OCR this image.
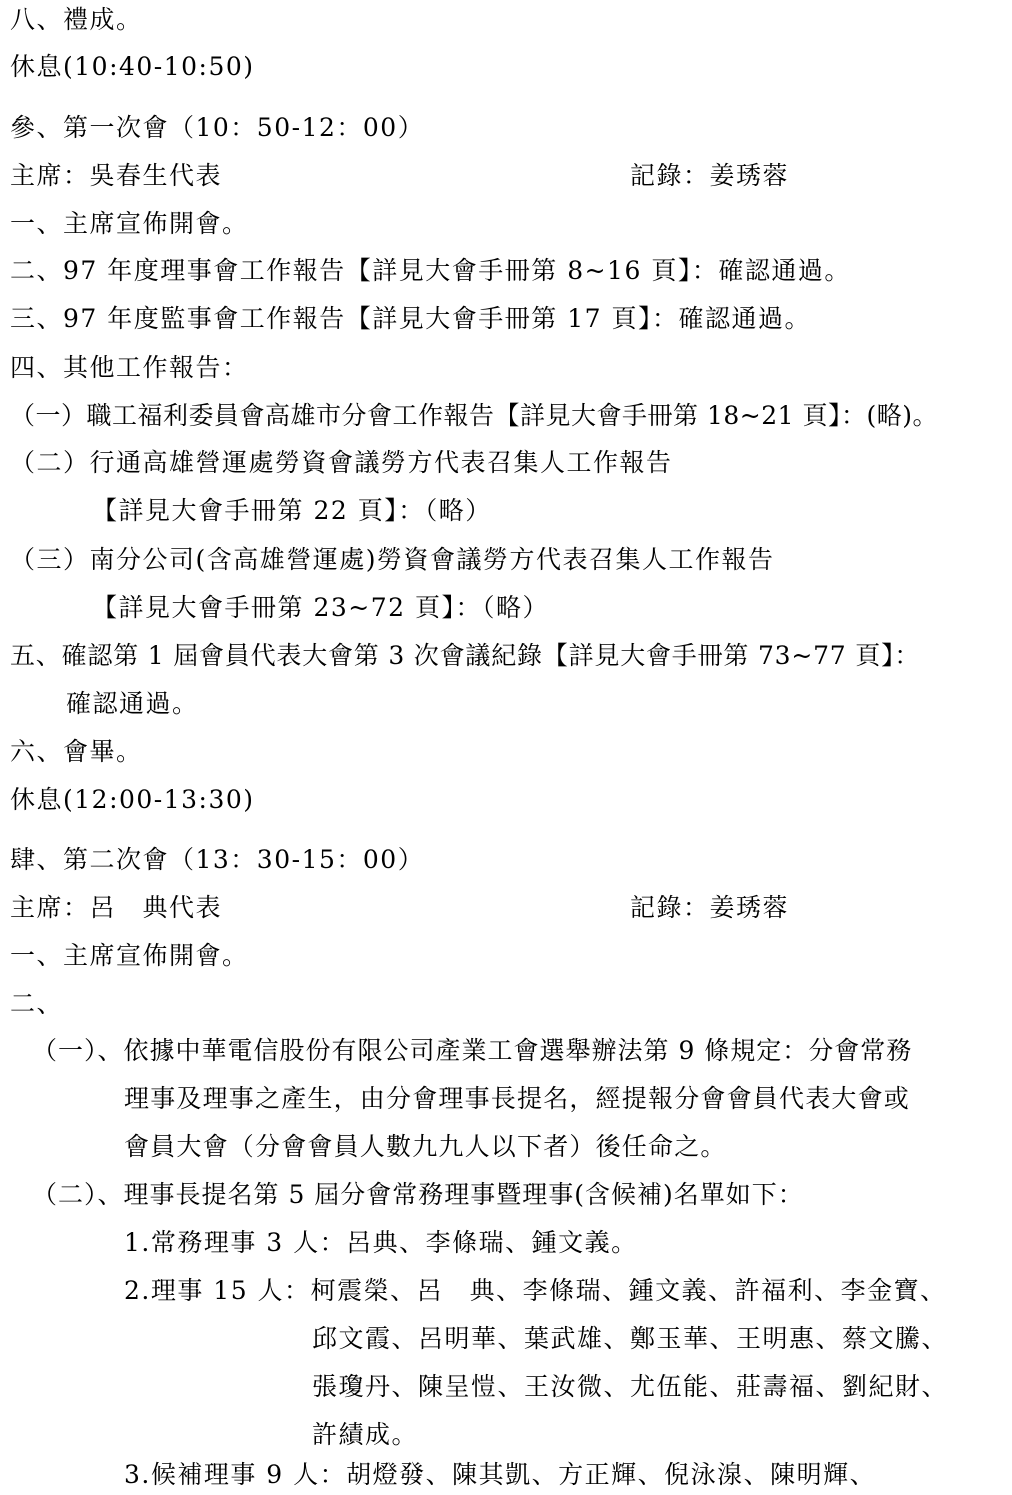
八、禮成。
休息(10:40-10:50)
參、第一次會（10：50-12：00）
主席：吳春生代表	記錄：姜琇蓉
一、主席宣佈開會。
二、97 年度理事會工作報告【詳見大會手冊第 8~16 頁】：確認通過。
三、97 年度監事會工作報告【詳見大會手冊第 17 頁】：確認通過。
四、其他工作報告：
（一）職工福利委員會高雄市分會工作報告【詳見大會手冊第 18~21 頁】：(略)。
（二）行通高雄營運處勞資會議勞方代表召集人工作報告
【詳見大會手冊第 22 頁】：（略）
（三）南分公司(含高雄營運處)勞資會議勞方代表召集人工作報告
【詳見大會手冊第 23~72 頁】：（略）
五、確認第 1 屆會員代表大會第 3 次會議紀錄【詳見大會手冊第 73~77 頁】：
確認通過。
六、會畢。
休息(12:00-13:30)
肆、第二次會（13：30-15：00）
主席：呂　典代表	記錄：姜琇蓉
一、主席宣佈開會。
二、
（一）、依據中華電信股份有限公司產業工會選舉辦法第 9 條規定：分會常務
理事及理事之產生，由分會理事長提名，經提報分會會員代表大會或
會員大會（分會會員人數九九人以下者）後任命之。
（二）、理事長提名第 5 屆分會常務理事暨理事(含候補)名單如下：
1.常務理事 3 人：呂典、李條瑞、鍾文義。
2.理事 15 人：柯震榮、呂　典、李條瑞、鍾文義、許福利、李金寶、
邱文霞、呂明華、葉武雄、鄭玉華、王明惠、蔡文騰、
張瓊丹、陳呈愷、王汝微、尤伍能、莊壽福、劉紀財、
許績成。
3.候補理事 9 人：胡燈發、陳其凱、方正輝、倪泳湶、陳明輝、
